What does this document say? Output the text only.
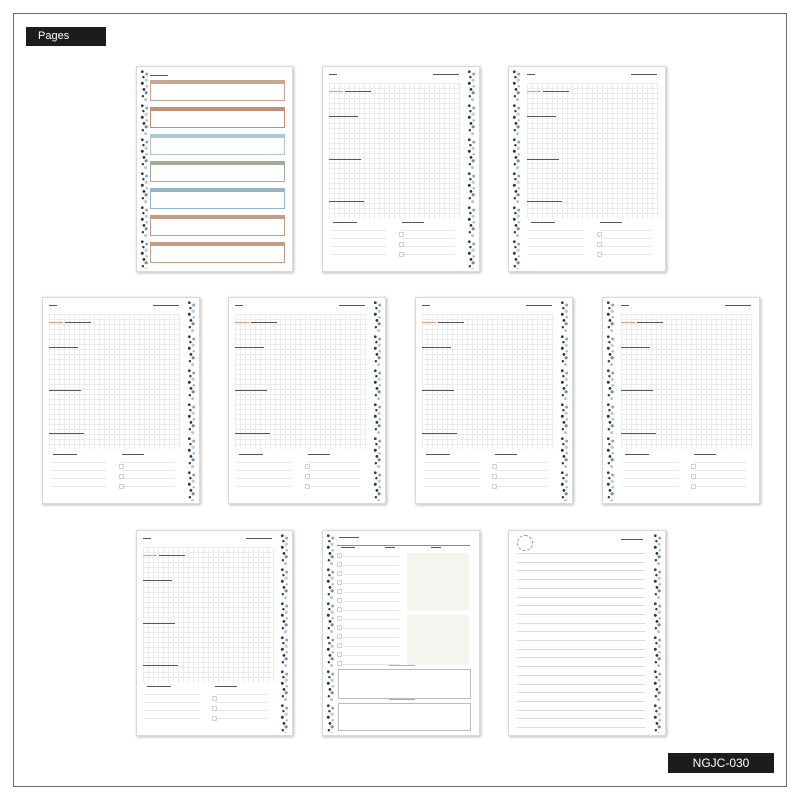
Pages
NGJC-030
